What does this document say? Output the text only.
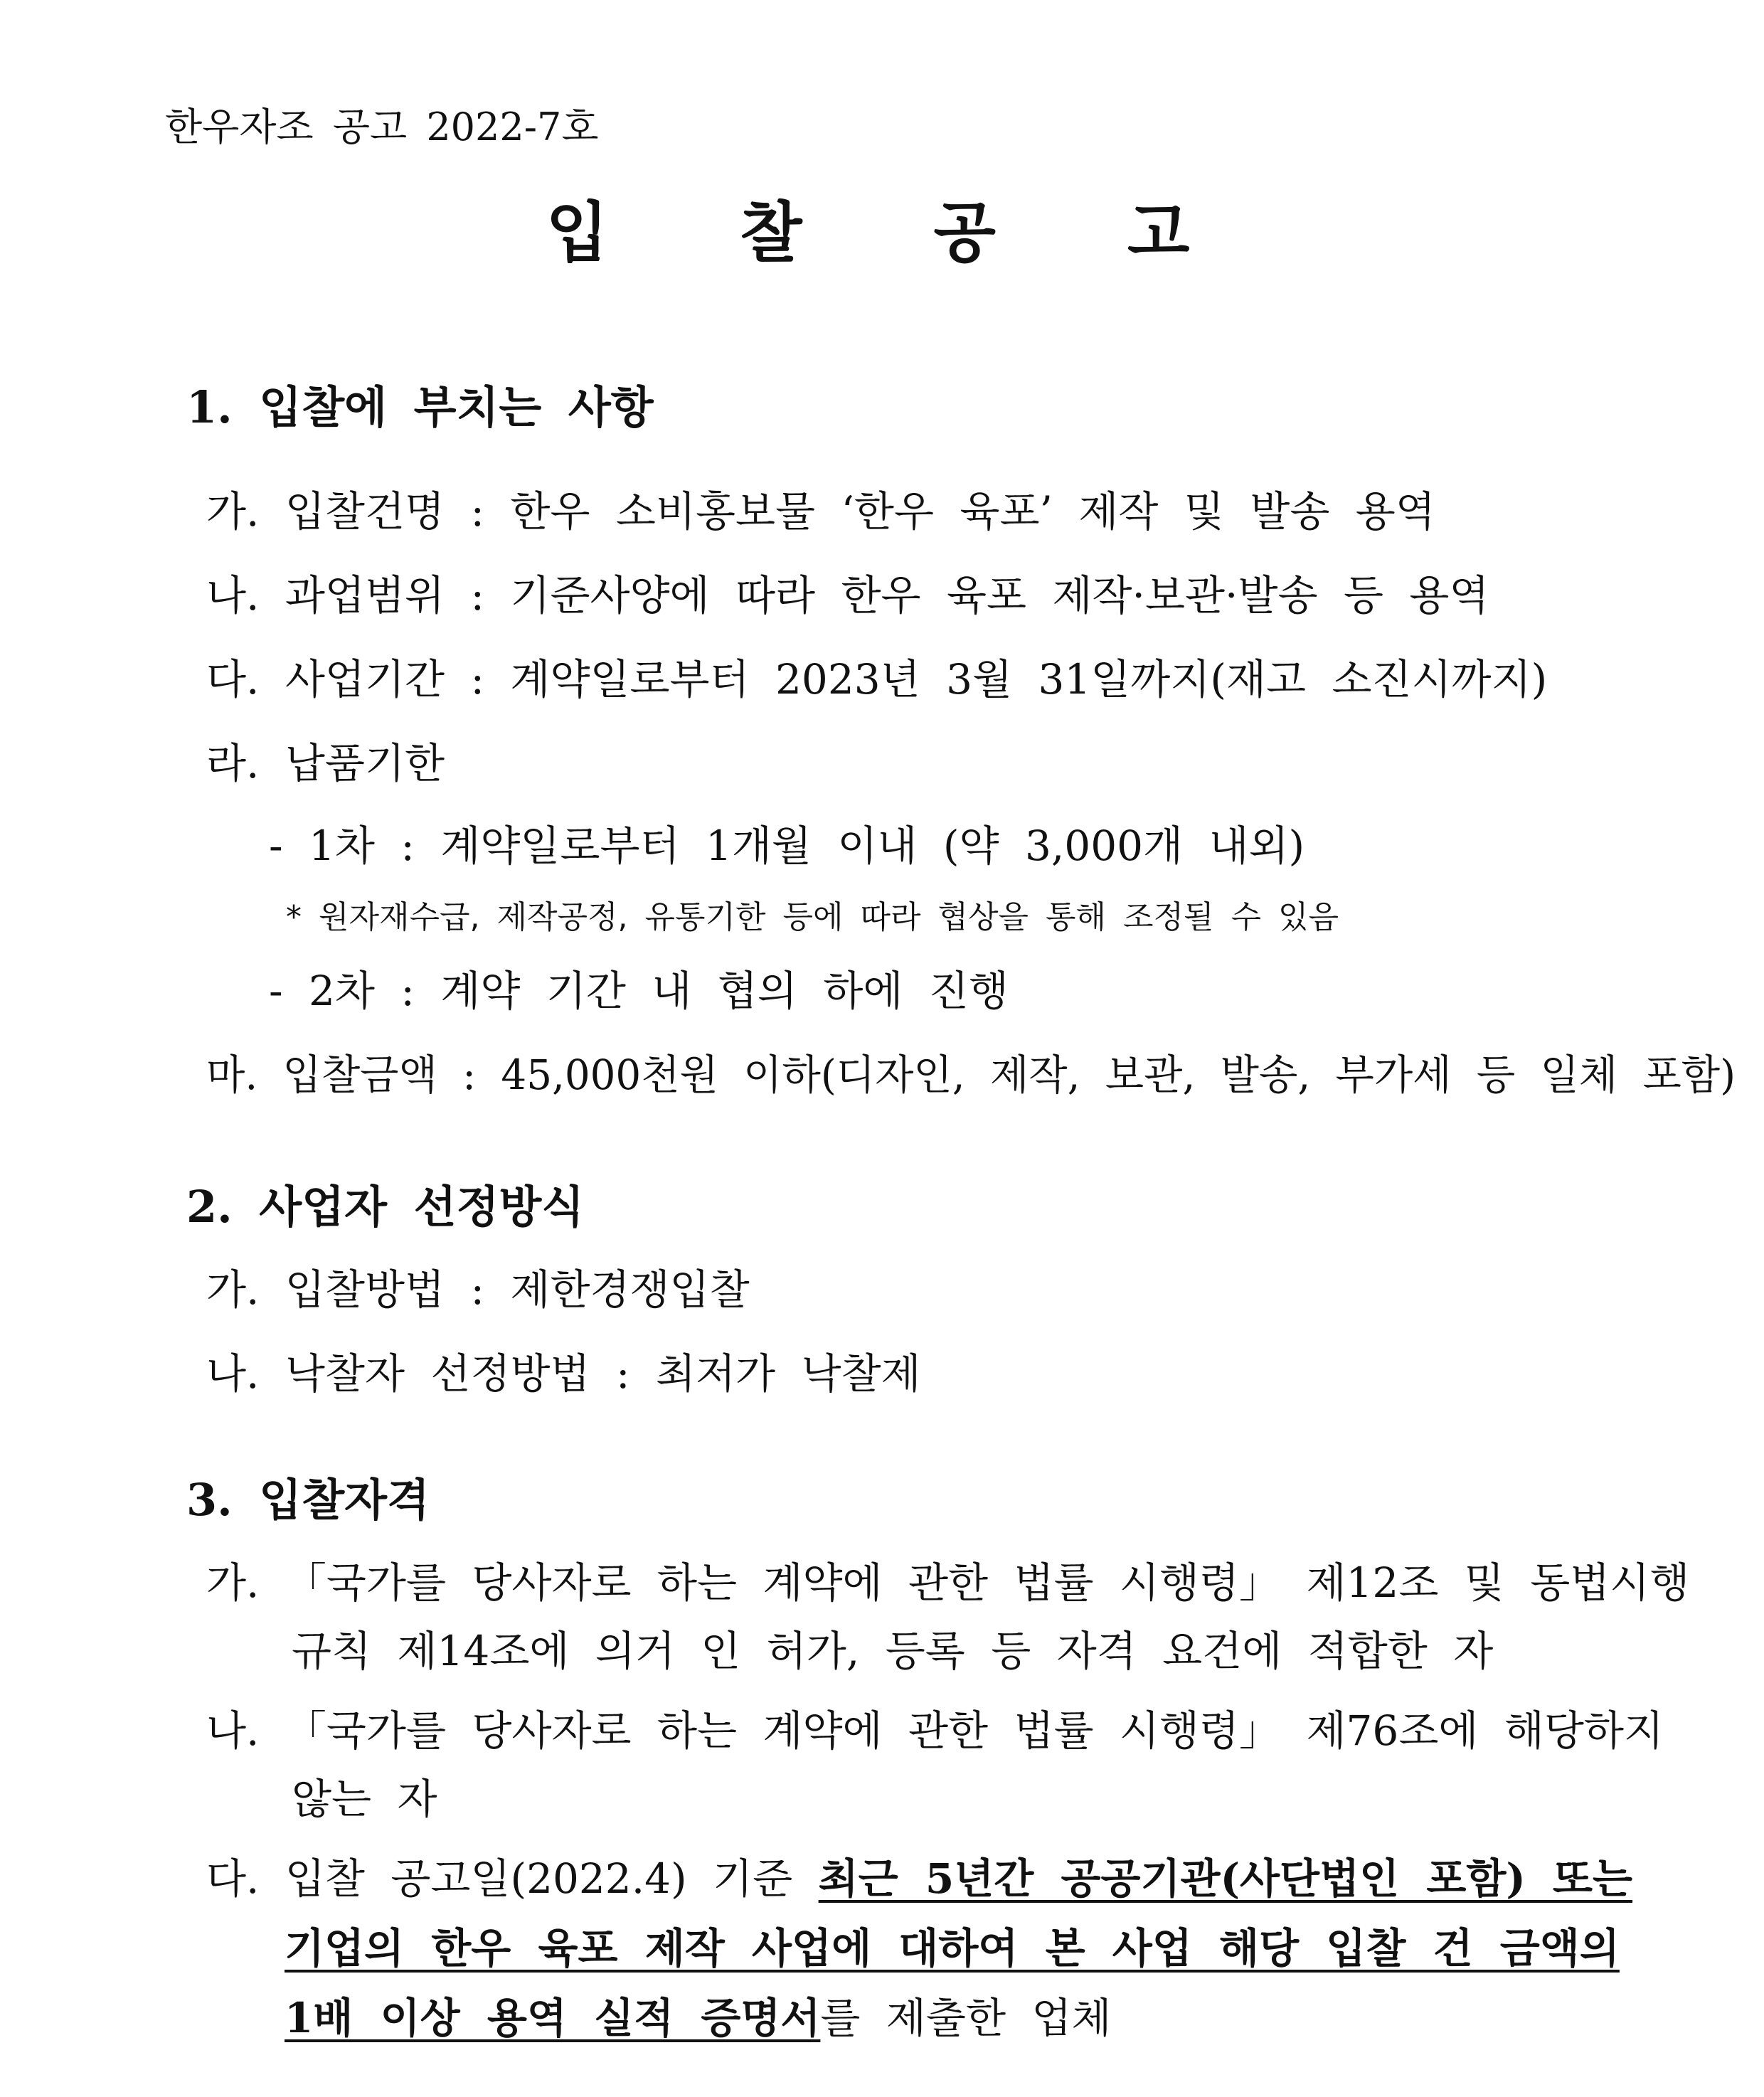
한우자조 공고 2022-7호
입 찰 공 고
1. 입찰에 부치는 사항
가. 입찰건명 : 한우 소비홍보물 ‘한우 육포’ 제작 및 발송 용역
나. 과업범위 : 기준사양에 따라 한우 육포 제작·보관·발송 등 용역
다. 사업기간 : 계약일로부터 2023년 3월 31일까지(재고 소진시까지)
라. 납품기한
- 1차 : 계약일로부터 1개월 이내 (약 3,000개 내외)
* 원자재수급, 제작공정, 유통기한 등에 따라 협상을 통해 조정될 수 있음
- 2차 : 계약 기간 내 협의 하에 진행
마. 입찰금액 : 45,000천원 이하(디자인, 제작, 보관, 발송, 부가세 등 일체 포함)
2. 사업자 선정방식
가. 입찰방법 : 제한경쟁입찰
나. 낙찰자 선정방법 : 최저가 낙찰제
3. 입찰자격
가. 「국가를 당사자로 하는 계약에 관한 법률 시행령」 제12조 및 동법시행
규칙 제14조에 의거 인 허가, 등록 등 자격 요건에 적합한 자
나. 「국가를 당사자로 하는 계약에 관한 법률 시행령」 제76조에 해당하지
않는 자
다. 입찰 공고일(2022.4) 기준 최근 5년간 공공기관(사단법인 포함) 또는
기업의 한우 육포 제작 사업에 대하여 본 사업 해당 입찰 건 금액의
1배 이상 용역 실적 증명서를 제출한 업체
